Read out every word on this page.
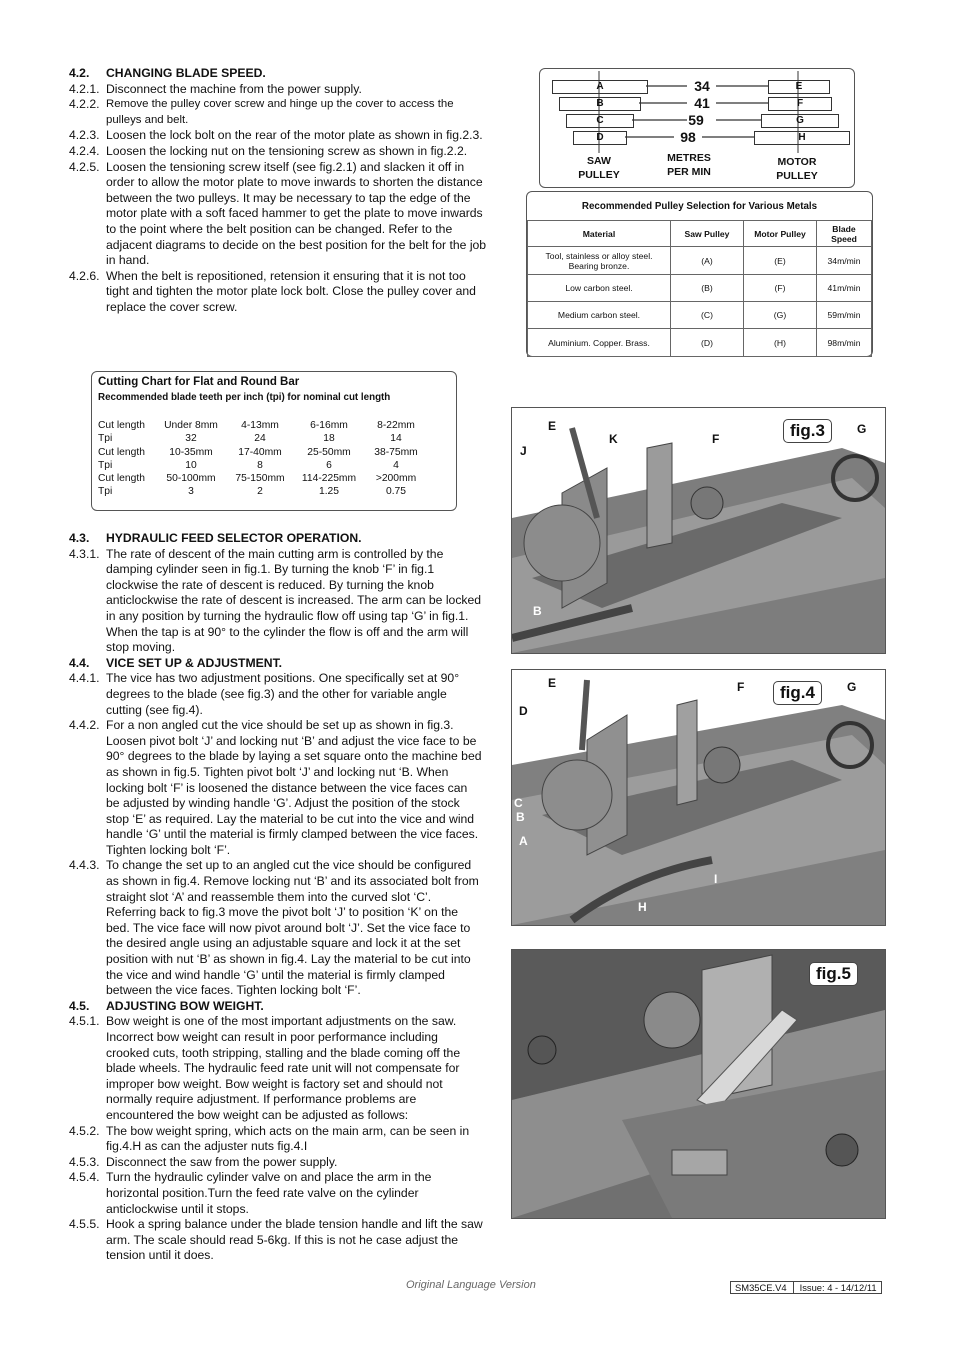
4.2. CHANGING BLADE SPEED.
4.2.1. Disconnect the machine from the power supply.
4.2.2. Remove the pulley cover screw and hinge up the cover to access the pulleys and belt.
4.2.3. Loosen the lock bolt on the rear of the motor plate as shown in fig.2.3.
4.2.4. Loosen the locking nut on the tensioning screw as shown in fig.2.2.
4.2.5. Loosen the tensioning screw itself (see fig.2.1) and slacken it off in order to allow the motor plate to move inwards to shorten the distance between the two pulleys. It may be necessary to tap the edge of the motor plate with a soft faced hammer to get the plate to move inwards to the point where the belt position can be changed. Refer to the adjacent diagrams to decide on the best position for the belt for the job in hand.
4.2.6. When the belt is repositioned, retension it ensuring that it is not too tight and tighten the motor plate lock bolt. Close the pulley cover and replace the cover screw.
A
B
C
D
34
41
59
98
E
F
G
H
SAW
PULLEY
METRES
PER MIN
MOTOR
PULLEY
Recommended Pulley Selection for Various Metals
Material	Saw Pulley	Motor Pulley	Blade Speed
Tool, stainless or alloy steel. Bearing bronze.	(A)	(E)	34m/min
Low carbon steel.	(B)	(F)	41m/min
Medium carbon steel.	(C)	(G)	59m/min
Aluminium. Copper. Brass.	(D)	(H)	98m/min
Cutting Chart for Flat and Round Bar
Recommended blade teeth per inch (tpi) for nominal cut length
Cut length	Under 8mm	4-13mm	6-16mm	8-22mm
Tpi	32	24	18	14
Cut length	10-35mm	17-40mm	25-50mm	38-75mm
Tpi	10	8	6	4
Cut length	50-100mm	75-150mm	114-225mm	>200mm
Tpi	3	2	1.25	0.75
4.3. HYDRAULIC FEED SELECTOR OPERATION.
4.3.1. The rate of descent of the main cutting arm is controlled by the damping cylinder seen in fig.1. By turning the knob ‘F’ in fig.1 clockwise the rate of descent is reduced. By turning the knob anticlockwise the rate of descent is increased. The arm can be locked in any position by turning the hydraulic flow off using tap ‘G’ in fig.1. When the tap is at 90° to the cylinder the flow is off and the arm will stop moving.
4.4. VICE SET UP & ADJUSTMENT.
4.4.1. The vice has two adjustment positions. One specifically set at 90° degrees to the blade (see fig.3) and the other for variable angle cutting (see fig.4).
4.4.2. For a non angled cut the vice should be set up as shown in fig.3. Loosen pivot bolt ‘J’ and locking nut ‘B’ and adjust the vice face to be 90° degrees to the blade by laying a set square onto the machine bed as shown in fig.5. Tighten pivot bolt ‘J’ and locking nut ‘B. When locking bolt ‘F’ is loosened the distance between the vice faces can be adjusted by winding handle ‘G’. Adjust the position of the stock stop ‘E’ as required. Lay the material to be cut into the vice and wind handle ‘G’ until the material is firmly clamped between the vice faces. Tighten locking bolt ‘F’.
4.4.3. To change the set up to an angled cut the vice should be configured as shown in fig.4. Remove locking nut ‘B’ and its associated bolt from straight slot ‘A’ and reassemble them into the curved slot ‘C’. Referring back to fig.3 move the pivot bolt ‘J’ to position ‘K’ on the bed. The vice face will now pivot around bolt ‘J’. Set the vice face to the desired angle using an adjustable square and lock it at the set position with nut ‘B’ as shown in fig.4. Lay the material to be cut into the vice and wind handle ‘G’ until the material is firmly clamped between the vice faces. Tighten locking bolt ‘F’.
4.5. ADJUSTING BOW WEIGHT.
4.5.1. Bow weight is one of the most important adjustments on the saw. Incorrect bow weight can result in poor performance including crooked cuts, tooth stripping, stalling and the blade coming off the blade wheels. The hydraulic feed rate unit will not compensate for improper bow weight. Bow weight is factory set and should not normally require adjustment. If performance problems are encountered the bow weight can be adjusted as follows:
4.5.2. The bow weight spring, which acts on the main arm, can be seen in fig.4.H as can the adjuster nuts fig.4.I
4.5.3. Disconnect the saw from the power supply.
4.5.4. Turn the hydraulic cylinder valve on and place the arm in the horizontal position.Turn the feed rate valve on the cylinder anticlockwise until it stops.
4.5.5. Hook a spring balance under the blade tension handle and lift the saw arm. The scale should read 5-6kg. If this is not he case adjust the tension until it does.
fig.3
E
K	F
G
J
B
fig.4
E	F	G
D
C
B
A
I
H
fig.5
Original Language Version	SM35CE.V4 Issue: 4 - 14/12/11
